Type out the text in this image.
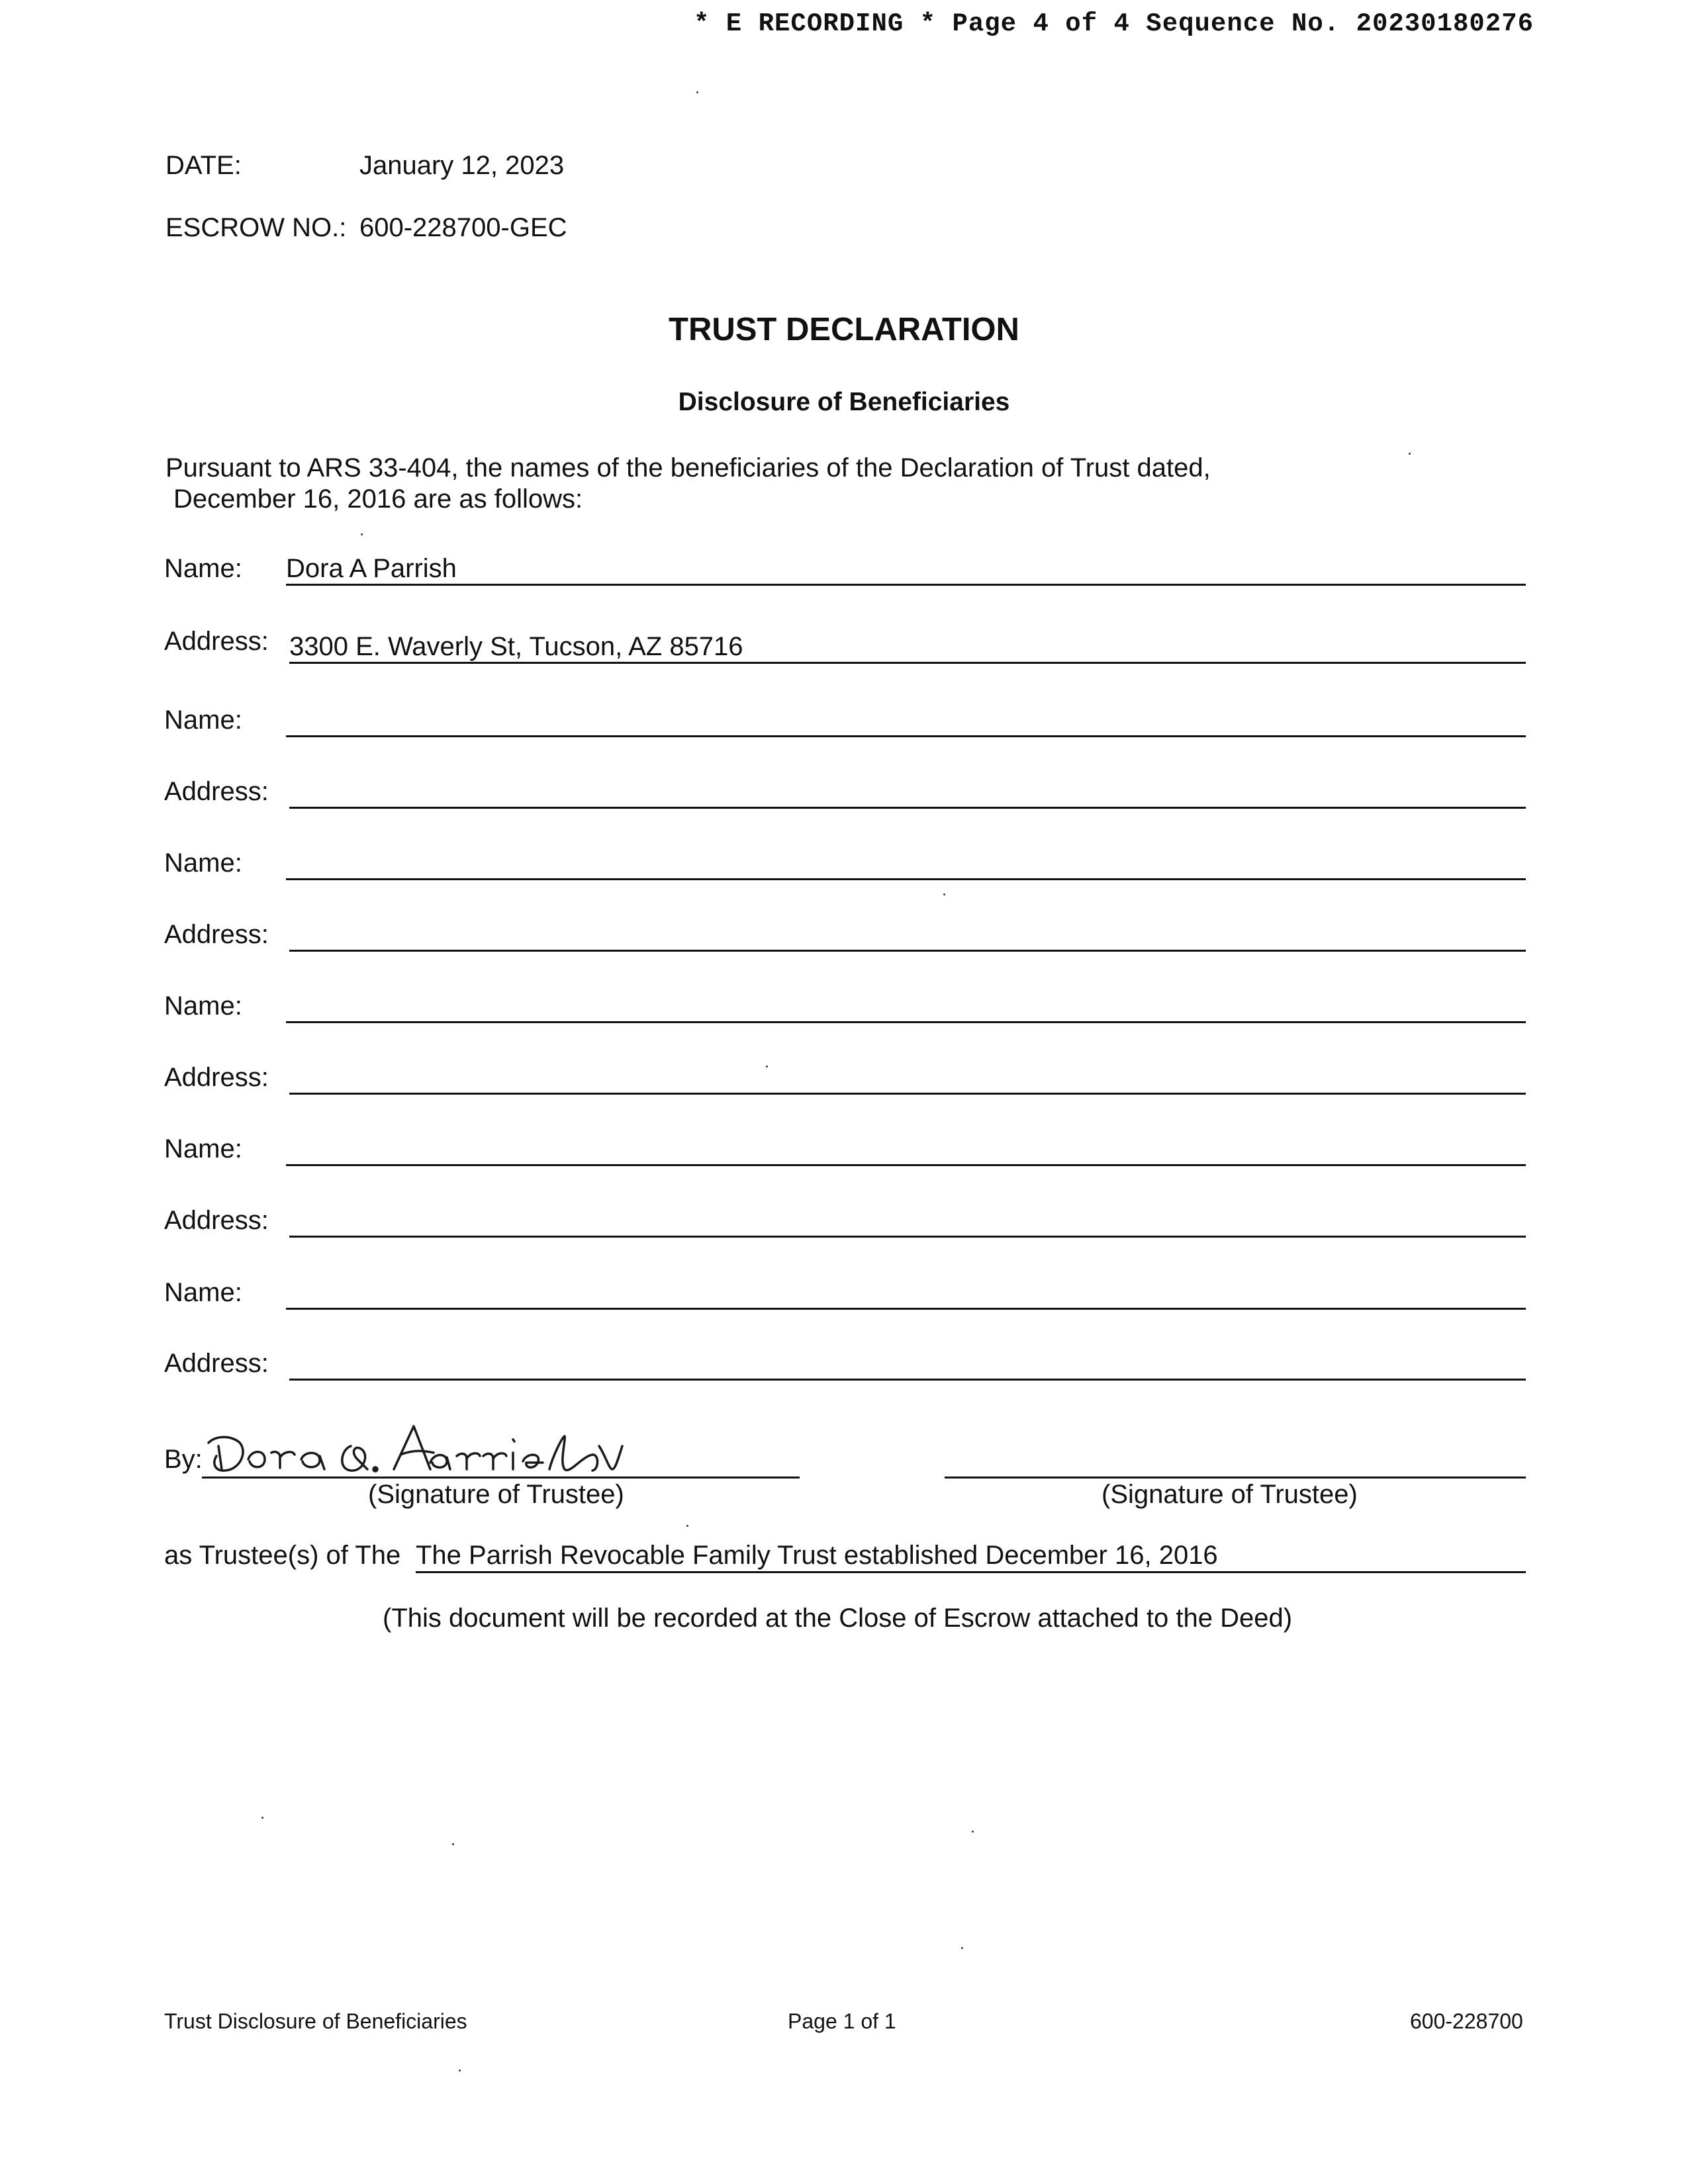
* E RECORDING * Page 4 of 4 Sequence No. 20230180276
DATE:	January 12, 2023
ESCROW NO.: 600-228700-GEC
TRUST DECLARATION
Disclosure of Beneficiaries
Pursuant to ARS 33-404, the names of the beneficiaries of the Declaration of Trust dated,
December 16, 2016 are as follows:
Name: Dora A Parrish
Address: 3300 E. Waverly St, Tucson, AZ 85716
Name:
Address:
Name:
Address:
Name:
Address:
Name:
Address:
Name:
Address:
By:
(Signature of Trustee)	(Signature of Trustee)
as Trustee(s) of The The Parrish Revocable Family Trust established December 16, 2016
(This document will be recorded at the Close of Escrow attached to the Deed)
Trust Disclosure of Beneficiaries	Page 1 of 1	600-228700
